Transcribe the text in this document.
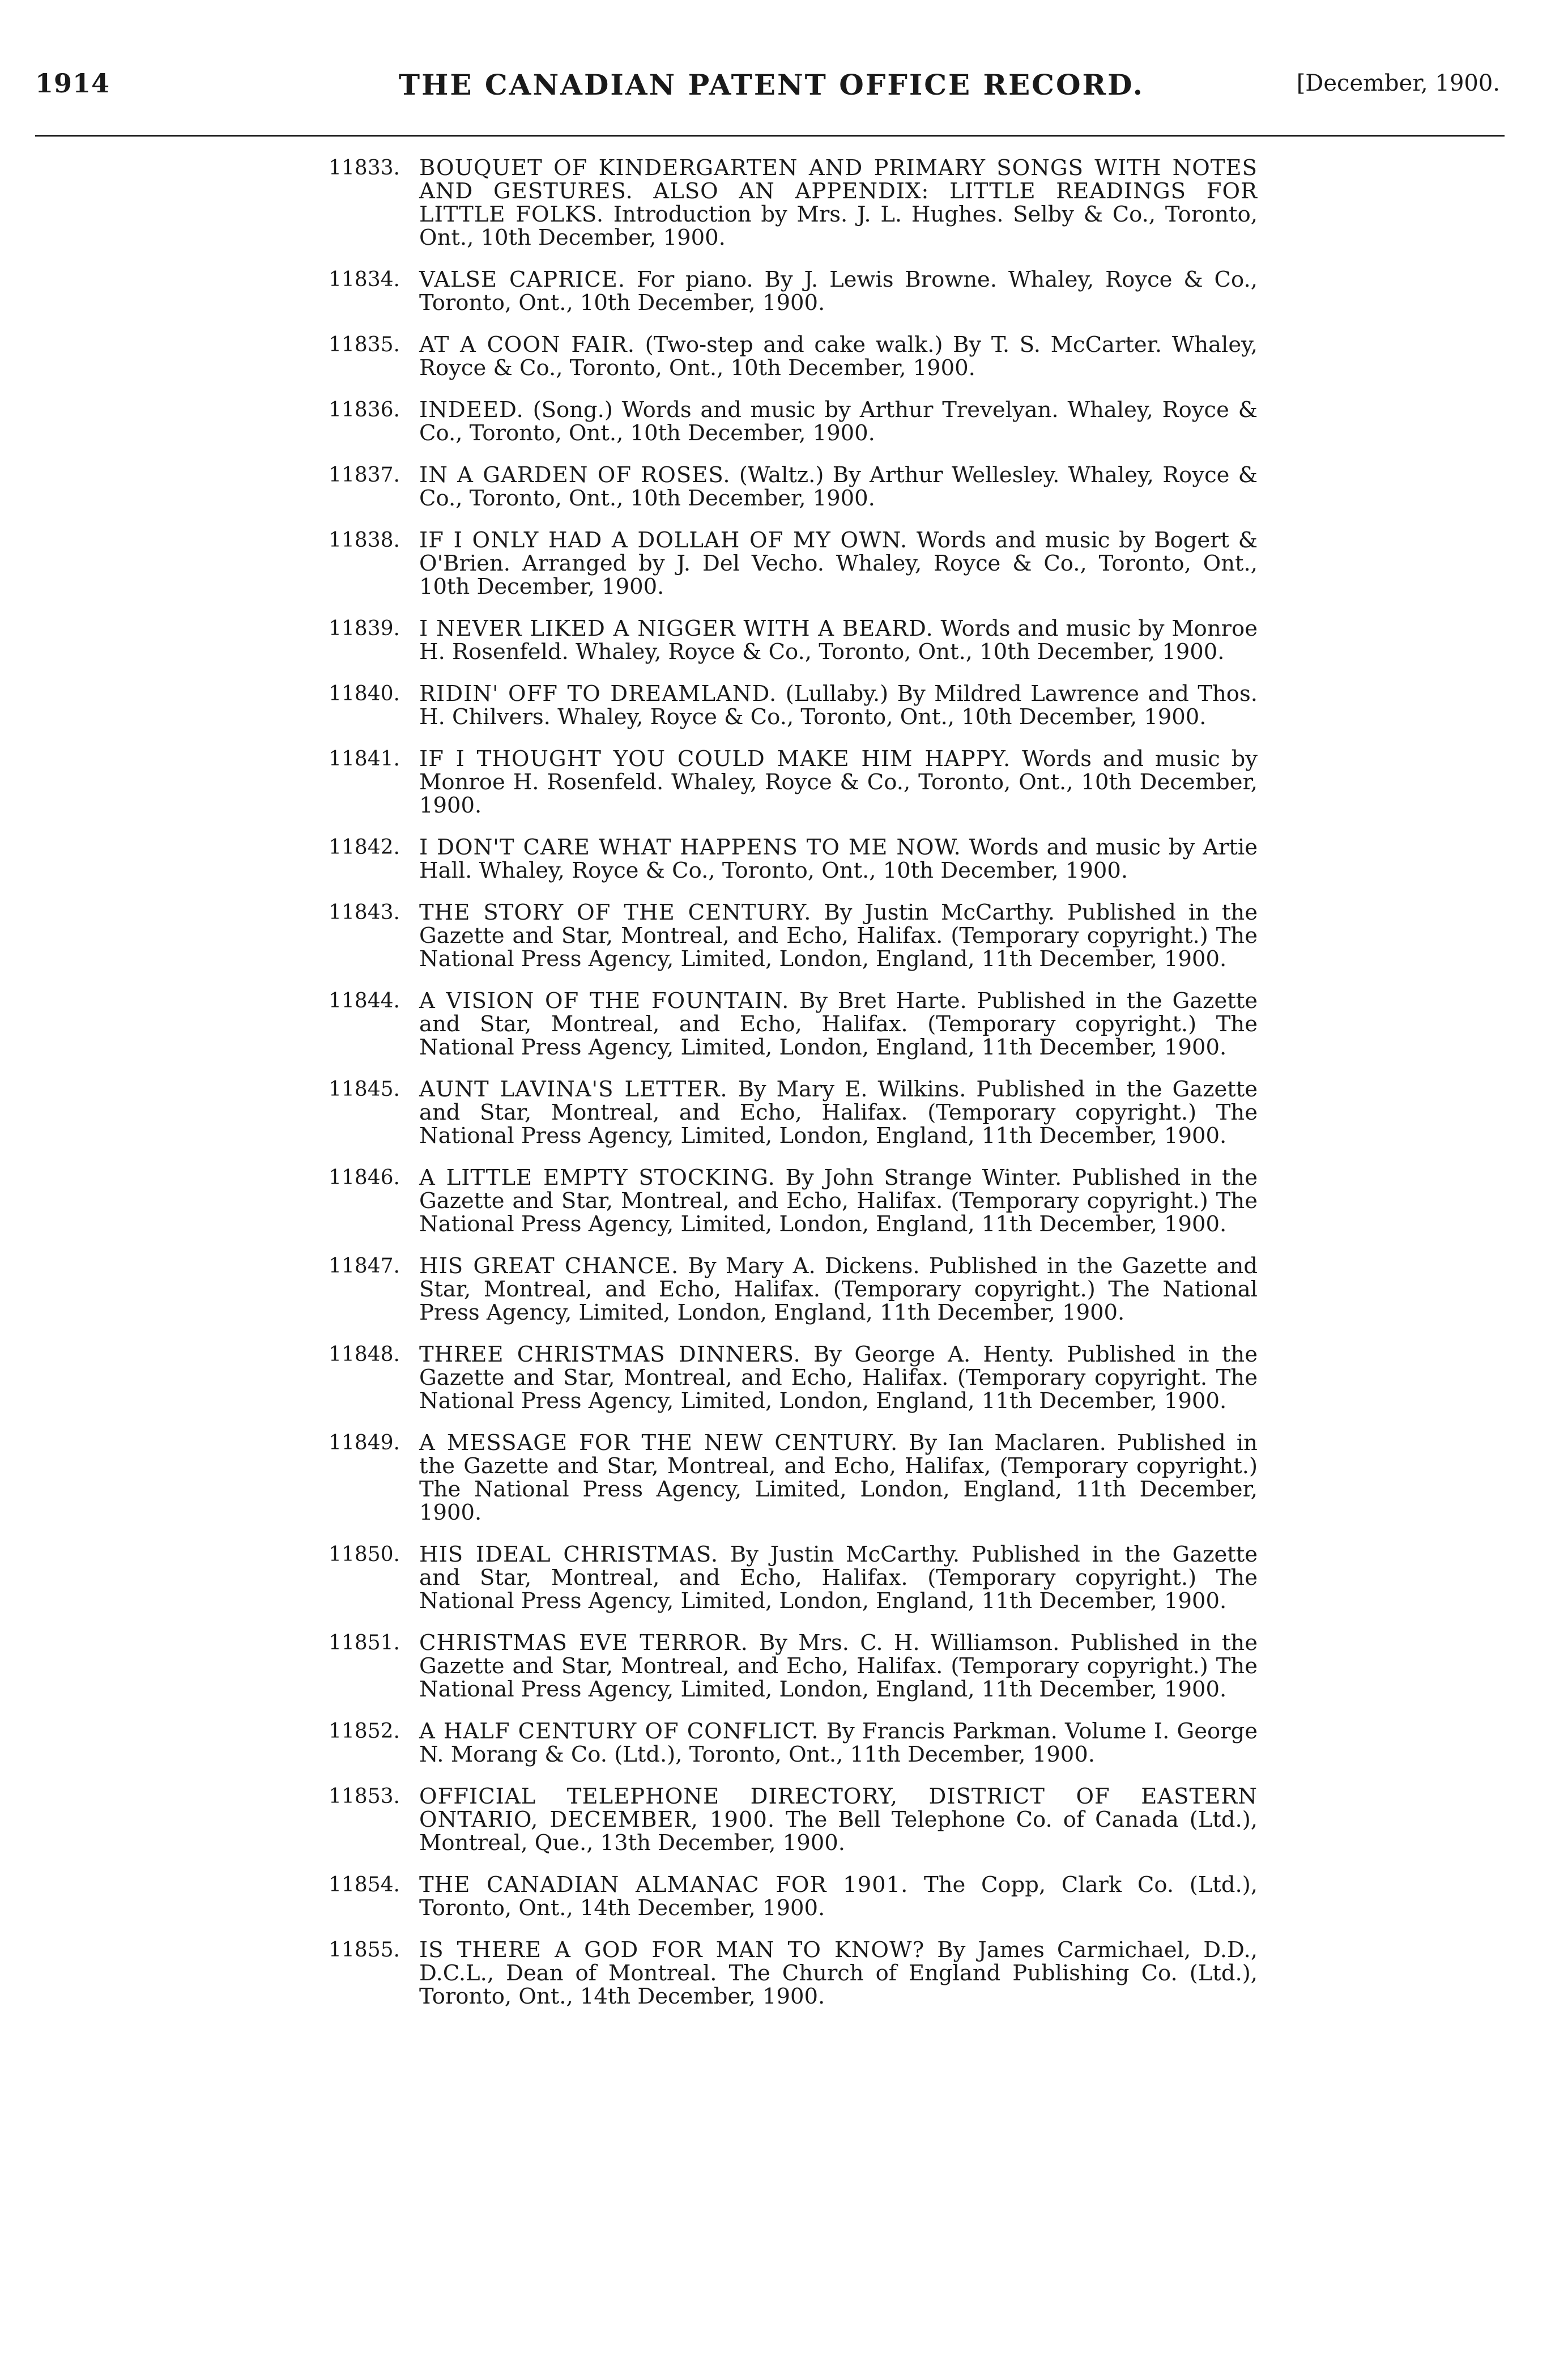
1914	THE CANADIAN PATENT OFFICE RECORD.	[December, 1900.
11833. BOUQUET OF KINDERGARTEN AND PRIMARY SONGS WITH NOTES AND GESTURES. ALSO AN APPENDIX: LITTLE READINGS FOR LITTLE FOLKS. Introduction by Mrs. J. L. Hughes. Selby & Co., Toronto, Ont., 10th December, 1900.
11834. VALSE CAPRICE. For piano. By J. Lewis Browne. Whaley, Royce & Co., Toronto, Ont., 10th December, 1900.
11835. AT A COON FAIR. (Two-step and cake walk.) By T. S. McCarter. Whaley, Royce & Co., Toronto, Ont., 10th December, 1900.
11836. INDEED. (Song.) Words and music by Arthur Trevelyan. Whaley, Royce & Co., Toronto, Ont., 10th December, 1900.
11837. IN A GARDEN OF ROSES. (Waltz.) By Arthur Wellesley. Whaley, Royce & Co., Toronto, Ont., 10th December, 1900.
11838. IF I ONLY HAD A DOLLAH OF MY OWN. Words and music by Bogert & O'Brien. Arranged by J. Del Vecho. Whaley, Royce & Co., Toronto, Ont., 10th December, 1900.
11839. I NEVER LIKED A NIGGER WITH A BEARD. Words and music by Monroe H. Rosenfeld. Whaley, Royce & Co., Toronto, Ont., 10th December, 1900.
11840. RIDIN' OFF TO DREAMLAND. (Lullaby.) By Mildred Lawrence and Thos. H. Chilvers. Whaley, Royce & Co., Toronto, Ont., 10th December, 1900.
11841. IF I THOUGHT YOU COULD MAKE HIM HAPPY. Words and music by Monroe H. Rosenfeld. Whaley, Royce & Co., Toronto, Ont., 10th December, 1900.
11842. I DON'T CARE WHAT HAPPENS TO ME NOW. Words and music by Artie Hall. Whaley, Royce & Co., Toronto, Ont., 10th December, 1900.
11843. THE STORY OF THE CENTURY. By Justin McCarthy. Published in the Gazette and Star, Montreal, and Echo, Halifax. (Temporary copyright.) The National Press Agency, Limited, London, England, 11th December, 1900.
11844. A VISION OF THE FOUNTAIN. By Bret Harte. Published in the Gazette and Star, Montreal, and Echo, Halifax. (Temporary copyright.) The National Press Agency, Limited, London, England, 11th December, 1900.
11845. AUNT LAVINA'S LETTER. By Mary E. Wilkins. Published in the Gazette and Star, Montreal, and Echo, Halifax. (Temporary copyright.) The National Press Agency, Limited, London, England, 11th December, 1900.
11846. A LITTLE EMPTY STOCKING. By John Strange Winter. Published in the Gazette and Star, Montreal, and Echo, Halifax. (Temporary copyright.) The National Press Agency, Limited, London, England, 11th December, 1900.
11847. HIS GREAT CHANCE. By Mary A. Dickens. Published in the Gazette and Star, Montreal, and Echo, Halifax. (Temporary copyright.) The National Press Agency, Limited, London, England, 11th December, 1900.
11848. THREE CHRISTMAS DINNERS. By George A. Henty. Published in the Gazette and Star, Montreal, and Echo, Halifax. (Temporary copyright. The National Press Agency, Limited, London, England, 11th December, 1900.
11849. A MESSAGE FOR THE NEW CENTURY. By Ian Maclaren. Published in the Gazette and Star, Montreal, and Echo, Halifax, (Temporary copyright.) The National Press Agency, Limited, London, England, 11th December, 1900.
11850. HIS IDEAL CHRISTMAS. By Justin McCarthy. Published in the Gazette and Star, Montreal, and Echo, Halifax. (Temporary copyright.) The National Press Agency, Limited, London, England, 11th December, 1900.
11851. CHRISTMAS EVE TERROR. By Mrs. C. H. Williamson. Published in the Gazette and Star, Montreal, and Echo, Halifax. (Temporary copyright.) The National Press Agency, Limited, London, England, 11th December, 1900.
11852. A HALF CENTURY OF CONFLICT. By Francis Parkman. Volume I. George N. Morang & Co. (Ltd.), Toronto, Ont., 11th December, 1900.
11853. OFFICIAL TELEPHONE DIRECTORY, DISTRICT OF EASTERN ONTARIO, DECEMBER, 1900. The Bell Telephone Co. of Canada (Ltd.), Montreal, Que., 13th December, 1900.
11854. THE CANADIAN ALMANAC FOR 1901. The Copp, Clark Co. (Ltd.), Toronto, Ont., 14th December, 1900.
11855. IS THERE A GOD FOR MAN TO KNOW? By James Carmichael, D.D., D.C.L., Dean of Montreal. The Church of England Publishing Co. (Ltd.), Toronto, Ont., 14th December, 1900.
